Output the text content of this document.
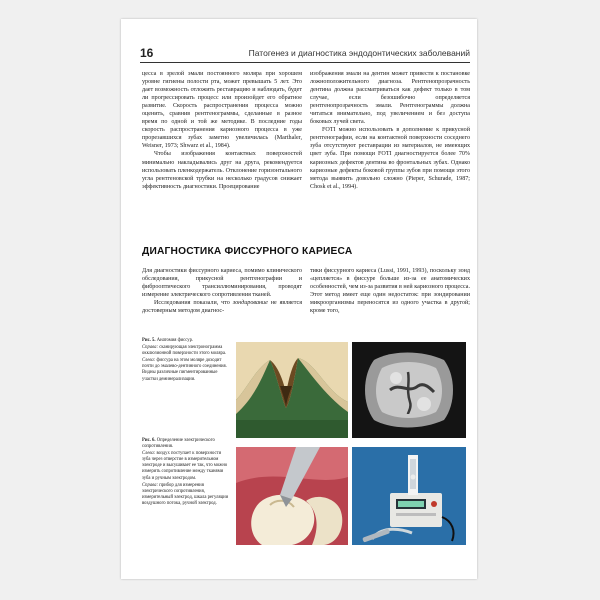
16	Патогенез и диагностика эндодонтических заболеваний

цесса в зрелой эмали постоянного моляра при хорошем уровне гигиены полости рта, может превышать 5 лет. Это дает возможность отложить реставрацию и наблюдать, будет ли прогрессировать процесс или произойдет его обратное развитие. Скорость распространения процесса можно оценить, сравнив рентгенограммы, сделанные в разное время по одной и той же методике. В последние годы скорость распространения кариозного процесса в уже прорезавшихся зубах заметно увеличилась (Marthaler, Weisner, 1973; Shwarz et al., 1984).

Чтобы изображения контактных поверхностей минимально накладывались друг на друга, рекомендуется использовать пленкодержатель. Отклонение горизонтального угла рентгеновской трубки на несколько градусов снижает эффективность диагностики. Проецирование

изображения эмали на дентин может привести к постановке ложноположительного диагноза. Рентгенопрозрачность дентина должна рассматриваться как дефект только в том случае, если безошибочно определяется рентгенопрозрачность эмали. Рентгенограммы должна читаться внимательно, под увеличением и без доступа боковых лучей света.

FOTI можно использовать в дополнение к прикусной рентгенографии, если на контактной поверхности соседнего зуба отсутствуют реставрации из материалов, не имеющих цвет зуба. При помощи FOTI диагностируется более 70% кариозных дефектов дентина во фронтальных зубах. Однако кариозные дефекты боковой группы зубов при помощи этого метода выявить довольно сложно (Pieper, Schurade, 1987; Chosk et al., 1994).

ДИАГНОСТИКА ФИССУРНОГО КАРИЕСА

Для диагностики фиссурного кариеса, помимо клинического обследования, прикусной рентгенографии и фиброоптического трансиллюминирования, проводят измерение электрического сопротивления тканей.

Исследования показали, что зондирование не является достоверным методом диагнос-

тики фиссурного кариеса (Lussi, 1991, 1993), поскольку зонд «цепляется» в фиссуре больше из-за ее анатомических особенностей, чем из-за развития в ней кариозного процесса. Этот метод имеет еще один недостаток: при зондировании микроорганизмы переносятся из одного участка в другой; кроме того,

Рис. 5. Анатомия фиссур.

Справа: сканирующая электронограмма окклюзионной поверхности этого моляра.

Слева: фиссура на этом моляре доходит почти до эмалево-дентинного соединения. Видны различные пигментированные участки деминерализации.

Рис. 6. Определение электрического сопротивления.

Слева: воздух поступает к поверхности зуба через отверстие в измерительном электроде и высушивает ее так, что можно измерить сопротивление между тканями зуба и ручным электродом.

Справа: прибор для измерения электрического сопротивления, измерительный электрод, шкала регуляции воздушного потока, ручной электрод.
